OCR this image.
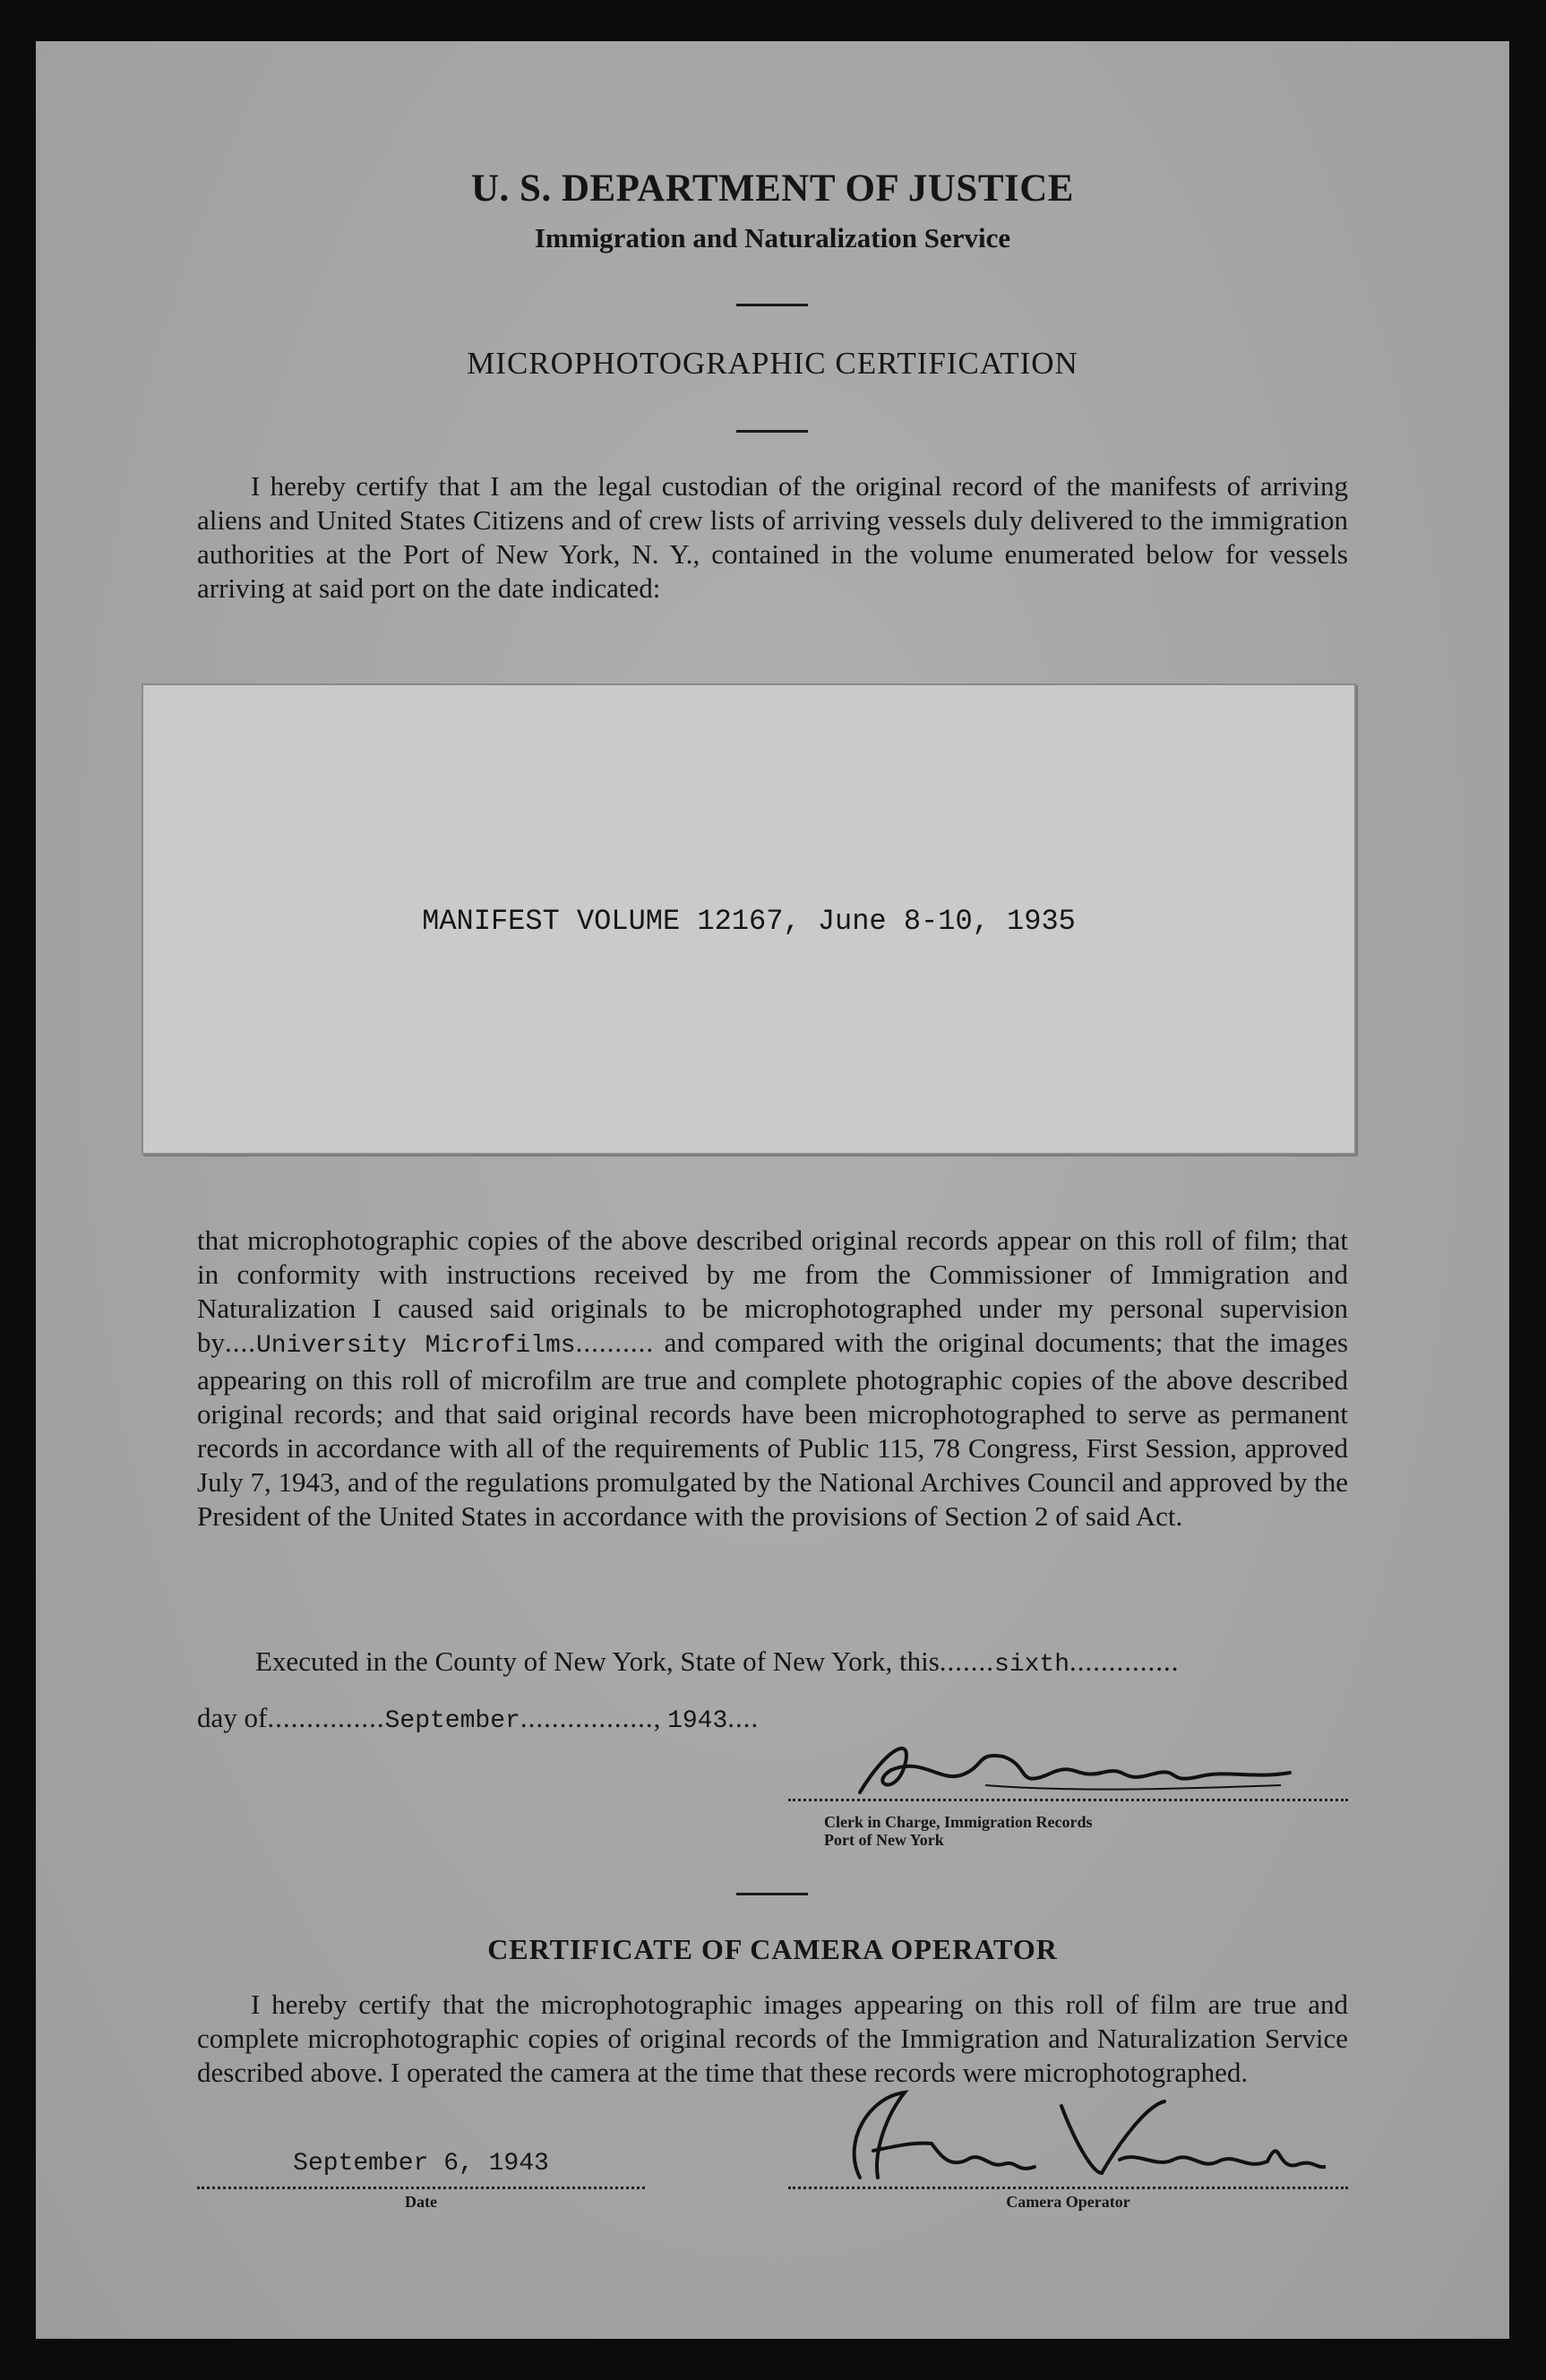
U. S. DEPARTMENT OF JUSTICE
Immigration and Naturalization Service
MICROPHOTOGRAPHIC CERTIFICATION
I hereby certify that I am the legal custodian of the original record of the manifests of arriving aliens and United States Citizens and of crew lists of arriving vessels duly delivered to the immigration authorities at the Port of New York, N. Y., contained in the volume enumerated below for vessels arriving at said port on the date indicated:
MANIFEST VOLUME 12167, June 8-10, 1935
that microphotographic copies of the above described original records appear on this roll of film; that in conformity with instructions received by me from the Commissioner of Immigration and Naturalization I caused said originals to be microphotographed under my personal supervision by....University Microfilms.......... and compared with the original documents; that the images appearing on this roll of microfilm are true and complete photographic copies of the above described original records; and that said original records have been microphotographed to serve as permanent records in accordance with all of the requirements of Public 115, 78 Congress, First Session, approved July 7, 1943, and of the regulations promulgated by the National Archives Council and approved by the President of the United States in accordance with the provisions of Section 2 of said Act.
Executed in the County of New York, State of New York, this.......sixth..............
day of...............September................., 1943....
Clerk in Charge, Immigration Records
Port of New York
CERTIFICATE OF CAMERA OPERATOR
I hereby certify that the microphotographic images appearing on this roll of film are true and complete microphotographic copies of original records of the Immigration and Naturalization Service described above. I operated the camera at the time that these records were microphotographed.
September 6, 1943
Date	Camera Operator
